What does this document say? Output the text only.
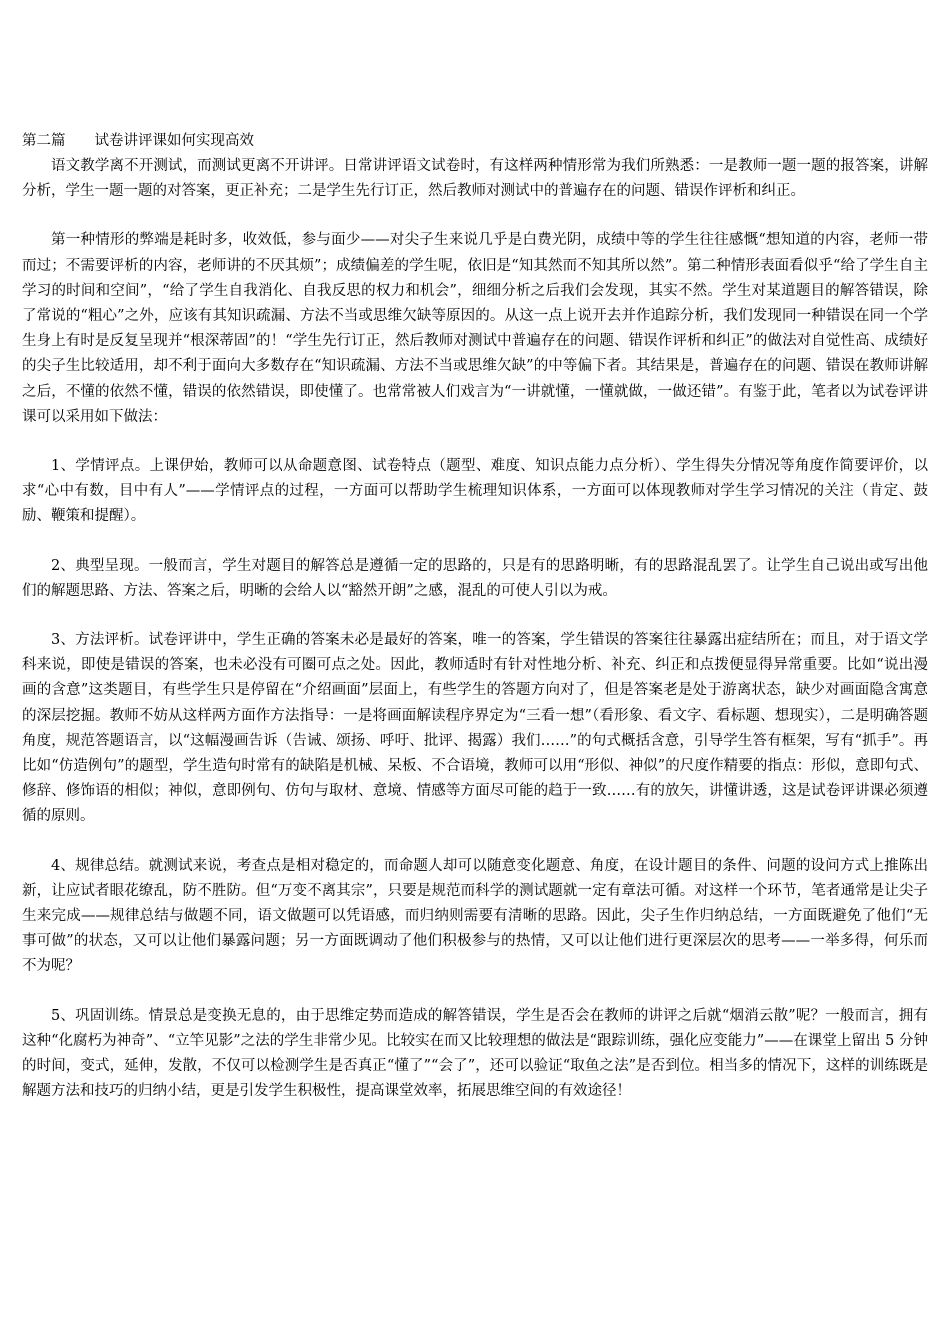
第二篇　　试卷讲评课如何实现高效

语文教学离不开测试，而测试更离不开讲评。日常讲评语文试卷时，有这样两种情形常为我们所熟悉：一是教师一题一题的报答案，讲解分析，学生一题一题的对答案，更正补充；二是学生先行订正，然后教师对测试中的普遍存在的问题、错误作评析和纠正。

第一种情形的弊端是耗时多，收效低，参与面少——对尖子生来说几乎是白费光阴，成绩中等的学生往往感慨“想知道的内容，老师一带而过；不需要评析的内容，老师讲的不厌其烦”；成绩偏差的学生呢，依旧是“知其然而不知其所以然”。第二种情形表面看似乎“给了学生自主学习的时间和空间”，“给了学生自我消化、自我反思的权力和机会”，细细分析之后我们会发现，其实不然。学生对某道题目的解答错误，除了常说的“粗心”之外，应该有其知识疏漏、方法不当或思维欠缺等原因的。从这一点上说开去并作追踪分析，我们发现同一种错误在同一个学生身上有时是反复呈现并“根深蒂固”的！“学生先行订正，然后教师对测试中普遍存在的问题、错误作评析和纠正”的做法对自觉性高、成绩好的尖子生比较适用，却不利于面向大多数存在“知识疏漏、方法不当或思维欠缺”的中等偏下者。其结果是，普遍存在的问题、错误在教师讲解之后，不懂的依然不懂，错误的依然错误，即使懂了。也常常被人们戏言为“一讲就懂，一懂就做，一做还错”。有鉴于此，笔者以为试卷评讲课可以采用如下做法：

1、学情评点。上课伊始，教师可以从命题意图、试卷特点（题型、难度、知识点能力点分析）、学生得失分情况等角度作简要评价，以求“心中有数，目中有人”——学情评点的过程，一方面可以帮助学生梳理知识体系，一方面可以体现教师对学生学习情况的关注（肯定、鼓励、鞭策和提醒）。

2、典型呈现。一般而言，学生对题目的解答总是遵循一定的思路的，只是有的思路明晰，有的思路混乱罢了。让学生自己说出或写出他们的解题思路、方法、答案之后，明晰的会给人以“豁然开朗”之感，混乱的可使人引以为戒。

3、方法评析。试卷评讲中，学生正确的答案未必是最好的答案，唯一的答案，学生错误的答案往往暴露出症结所在；而且，对于语文学科来说，即使是错误的答案，也未必没有可圈可点之处。因此，教师适时有针对性地分析、补充、纠正和点拨便显得异常重要。比如“说出漫画的含意”这类题目，有些学生只是停留在“介绍画面”层面上，有些学生的答题方向对了，但是答案老是处于游离状态，缺少对画面隐含寓意的深层挖掘。教师不妨从这样两方面作方法指导：一是将画面解读程序界定为“三看一想”（看形象、看文字、看标题、想现实），二是明确答题角度，规范答题语言，以“这幅漫画告诉（告诫、颂扬、呼吁、批评、揭露）我们……”的句式概括含意，引导学生答有框架，写有“抓手”。再比如“仿造例句”的题型，学生造句时常有的缺陷是机械、呆板、不合语境，教师可以用“形似、神似”的尺度作精要的指点：形似，意即句式、修辞、修饰语的相似；神似，意即例句、仿句与取材、意境、情感等方面尽可能的趋于一致……有的放矢，讲懂讲透，这是试卷评讲课必须遵循的原则。

4、规律总结。就测试来说，考查点是相对稳定的，而命题人却可以随意变化题意、角度，在设计题目的条件、问题的设问方式上推陈出新，让应试者眼花缭乱，防不胜防。但“万变不离其宗”，只要是规范而科学的测试题就一定有章法可循。对这样一个环节，笔者通常是让尖子生来完成——规律总结与做题不同，语文做题可以凭语感，而归纳则需要有清晰的思路。因此，尖子生作归纳总结，一方面既避免了他们“无事可做”的状态，又可以让他们暴露问题；另一方面既调动了他们积极参与的热情，又可以让他们进行更深层次的思考——一举多得，何乐而不为呢？

5、巩固训练。情景总是变换无息的，由于思维定势而造成的解答错误，学生是否会在教师的讲评之后就“烟消云散”呢？一般而言，拥有这种“化腐朽为神奇”、“立竿见影”之法的学生非常少见。比较实在而又比较理想的做法是“跟踪训练，强化应变能力”——在课堂上留出 5 分钟的时间，变式，延伸，发散，不仅可以检测学生是否真正“懂了”“会了”，还可以验证“取鱼之法”是否到位。相当多的情况下，这样的训练既是解题方法和技巧的归纳小结，更是引发学生积极性，提高课堂效率，拓展思维空间的有效途径！
